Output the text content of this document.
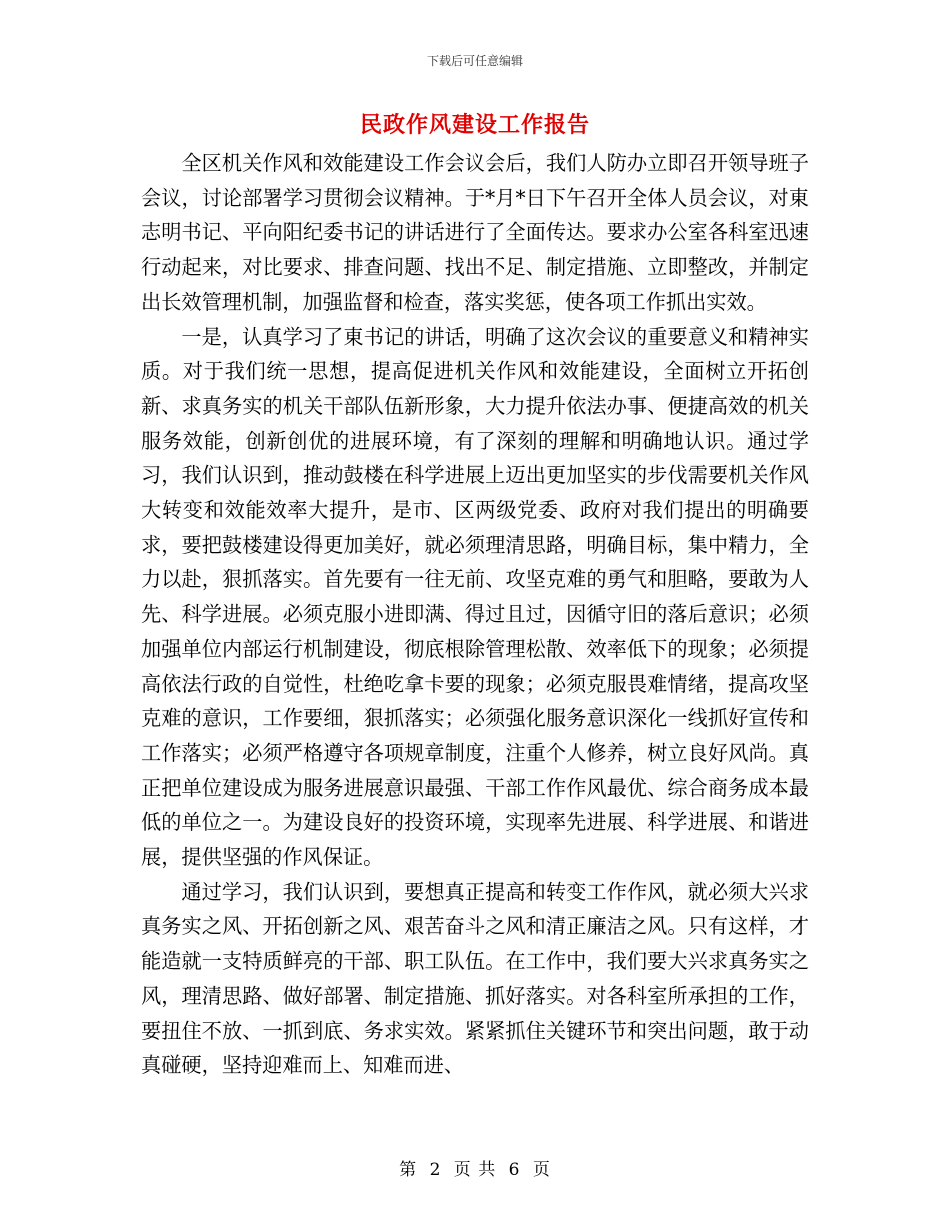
下载后可任意编辑
民政作风建设工作报告

全区机关作风和效能建设工作会议会后，我们人防办立即召开领导班子会议，讨论部署学习贯彻会议精神。于*月*日下午召开全体人员会议，对東志明书记、平向阳纪委书记的讲话进行了全面传达。要求办公室各科室迅速行动起来，对比要求、排查问题、找出不足、制定措施、立即整改，并制定出长效管理机制，加强监督和检查，落实奖惩，使各项工作抓出实效。

一是，认真学习了東书记的讲话，明确了这次会议的重要意义和精神实质。对于我们统一思想，提高促进机关作风和效能建设，全面树立开拓创新、求真务实的机关干部队伍新形象，大力提升依法办事、便捷高效的机关服务效能，创新创优的进展环境，有了深刻的理解和明确地认识。通过学习，我们认识到，推动鼓楼在科学进展上迈出更加坚实的步伐需要机关作风大转变和效能效率大提升，是市、区两级党委、政府对我们提出的明确要求，要把鼓楼建设得更加美好，就必须理清思路，明确目标，集中精力，全力以赴，狠抓落实。首先要有一往无前、攻坚克难的勇气和胆略，要敢为人先、科学进展。必须克服小进即满、得过且过，因循守旧的落后意识；必须加强单位内部运行机制建设，彻底根除管理松散、效率低下的现象；必须提高依法行政的自觉性，杜绝吃拿卡要的现象；必须克服畏难情绪，提高攻坚克难的意识，工作要细，狠抓落实；必须强化服务意识深化一线抓好宣传和工作落实；必须严格遵守各项规章制度，注重个人修养，树立良好风尚。真正把单位建设成为服务进展意识最强、干部工作作风最优、综合商务成本最低的单位之一。为建设良好的投资环境，实现率先进展、科学进展、和谐进展，提供坚强的作风保证。

通过学习，我们认识到，要想真正提高和转变工作作风，就必须大兴求真务实之风、开拓创新之风、艰苦奋斗之风和清正廉洁之风。只有这样，才能造就一支特质鲜亮的干部、职工队伍。在工作中，我们要大兴求真务实之风，理清思路、做好部署、制定措施、抓好落实。对各科室所承担的工作，要扭住不放、一抓到底、务求实效。紧紧抓住关键环节和突出问题，敢于动真碰硬，坚持迎难而上、知难而进、

第 2 页 共 6 页
